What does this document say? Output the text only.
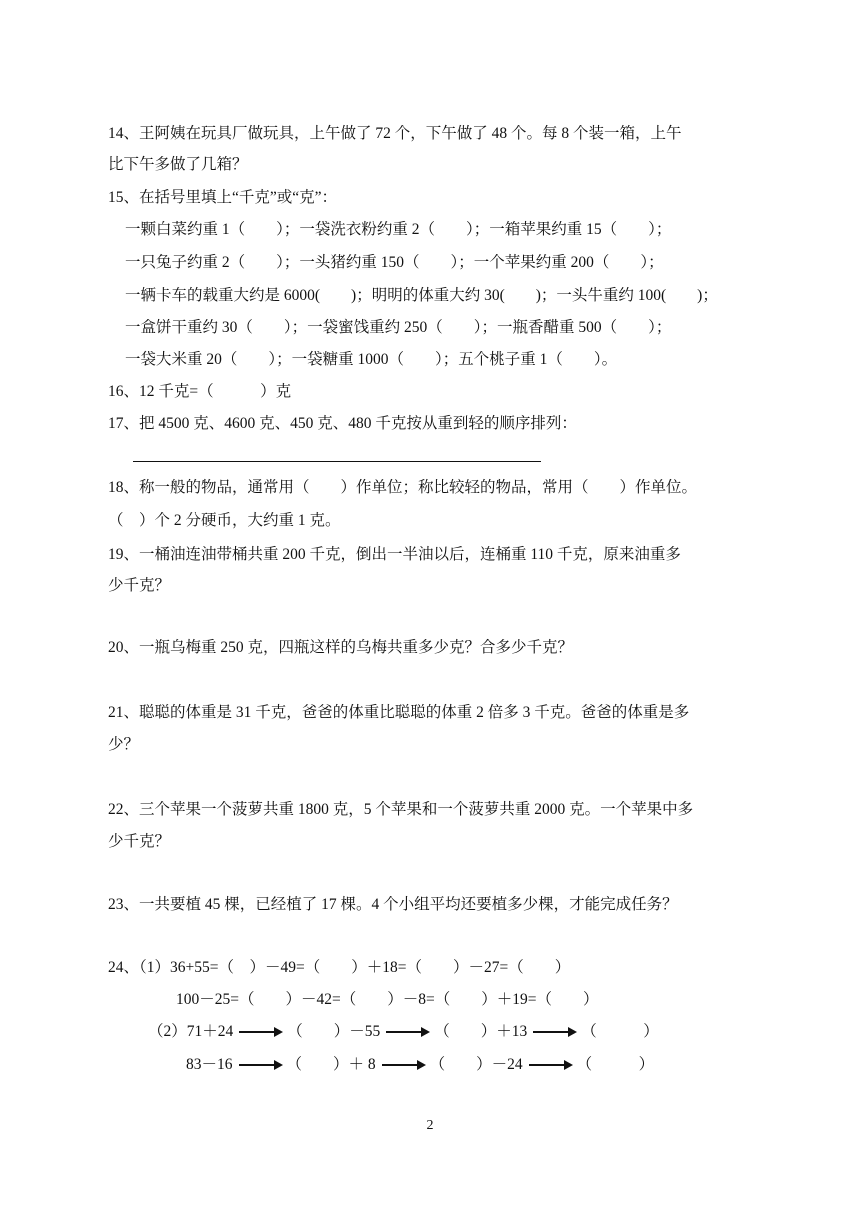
14、王阿姨在玩具厂做玩具，上午做了 72 个，下午做了 48 个。每 8 个装一箱，上午
比下午多做了几箱？
15、在括号里填上“千克”或“克”：
一颗白菜约重 1（　　）；一袋洗衣粉约重 2（　　）；一箱苹果约重 15（　　）；
一只兔子约重 2（　　）；一头猪约重 150（　　）；一个苹果约重 200（　　）；
一辆卡车的载重大约是 6000(　　)；明明的体重大约 30(　　)；一头牛重约 100(　　)；
一盒饼干重约 30（　　）；一袋蜜饯重约 250（　　）；一瓶香醋重 500（　　）；
一袋大米重 20（　　）；一袋糖重 1000（　　）；五个桃子重 1（　　）。
16、12 千克=（　　　）克
17、把 4500 克、4600 克、450 克、480 千克按从重到轻的顺序排列：
18、称一般的物品，通常用（　　）作单位；称比较轻的物品，常用（　　）作单位。
（　）个 2 分硬币，大约重 1 克。
19、一桶油连油带桶共重 200 千克，倒出一半油以后，连桶重 110 千克，原来油重多
少千克？
20、一瓶乌梅重 250 克，四瓶这样的乌梅共重多少克？合多少千克？
21、聪聪的体重是 31 千克，爸爸的体重比聪聪的体重 2 倍多 3 千克。爸爸的体重是多
少？
22、三个苹果一个菠萝共重 1800 克，5 个苹果和一个菠萝共重 2000 克。一个苹果中多
少千克？
23、一共要植 45 棵，已经植了 17 棵。4 个小组平均还要植多少棵，才能完成任务？
24、（1）36+55=（　）－49=（　　）＋18=（　　）－27=（　　）
100－25=（　　）－42=（　　）－8=（　　）＋19=（　　）
（2）71＋24	（　　）－55	（　　）＋13	（　　　）
83－16	（　　）＋ 8	（　　）－24	（　　　）
2
